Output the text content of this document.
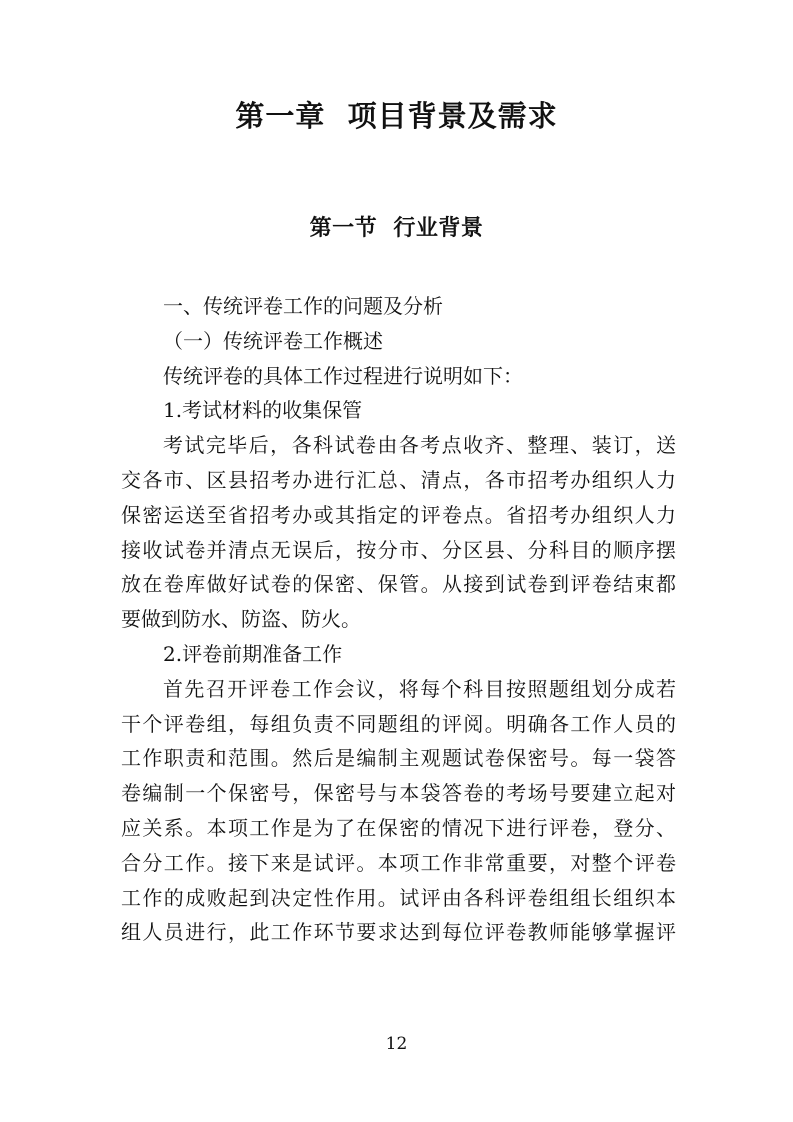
第一章  项目背景及需求
第一节  行业背景
一、传统评卷工作的问题及分析
（一）传统评卷工作概述
传统评卷的具体工作过程进行说明如下：
1.考试材料的收集保管
考试完毕后，各科试卷由各考点收齐、整理、装订，送
交各市、区县招考办进行汇总、清点，各市招考办组织人力
保密运送至省招考办或其指定的评卷点。省招考办组织人力
接收试卷并清点无误后，按分市、分区县、分科目的顺序摆
放在卷库做好试卷的保密、保管。从接到试卷到评卷结束都
要做到防水、防盗、防火。
2.评卷前期准备工作
首先召开评卷工作会议，将每个科目按照题组划分成若
干个评卷组，每组负责不同题组的评阅。明确各工作人员的
工作职责和范围。然后是编制主观题试卷保密号。每一袋答
卷编制一个保密号，保密号与本袋答卷的考场号要建立起对
应关系。本项工作是为了在保密的情况下进行评卷，登分、
合分工作。接下来是试评。本项工作非常重要，对整个评卷
工作的成败起到决定性作用。试评由各科评卷组组长组织本
组人员进行，此工作环节要求达到每位评卷教师能够掌握评
12
